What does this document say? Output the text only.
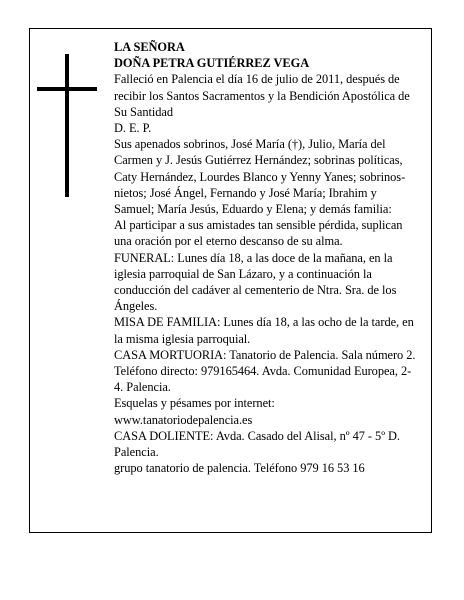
LA SEÑORA

DOÑA PETRA GUTIÉRREZ VEGA

Falleció en Palencia el día 16 de julio de 2011, después de recibir los Santos Sacramentos y la Bendición Apostólica de Su Santidad

D. E. P.

Sus apenados sobrinos, José María (†), Julio, María del Carmen y J. Jesús Gutiérrez Hernández; sobrinas políticas, Caty Hernández, Lourdes Blanco y Yenny Yanes; sobrinos-nietos; José Ángel, Fernando y José María; Ibrahim y Samuel; María Jesús, Eduardo y Elena; y demás familia:

Al participar a sus amistades tan sensible pérdida, suplican una oración por el eterno descanso de su alma.

FUNERAL: Lunes día 18, a las doce de la mañana, en la iglesia parroquial de San Lázaro, y a continuación la conducción del cadáver al cementerio de Ntra. Sra. de los Ángeles.

MISA DE FAMILIA: Lunes día 18, a las ocho de la tarde, en la misma iglesia parroquial.

CASA MORTUORIA: Tanatorio de Palencia. Sala número 2. Teléfono directo: 979165464. Avda. Comunidad Europea, 2-4. Palencia.

Esquelas y pésames por internet:

www.tanatoriodepalencia.es

CASA DOLIENTE: Avda. Casado del Alisal, nº 47 - 5º D. Palencia.

grupo tanatorio de palencia. Teléfono 979 16 53 16
